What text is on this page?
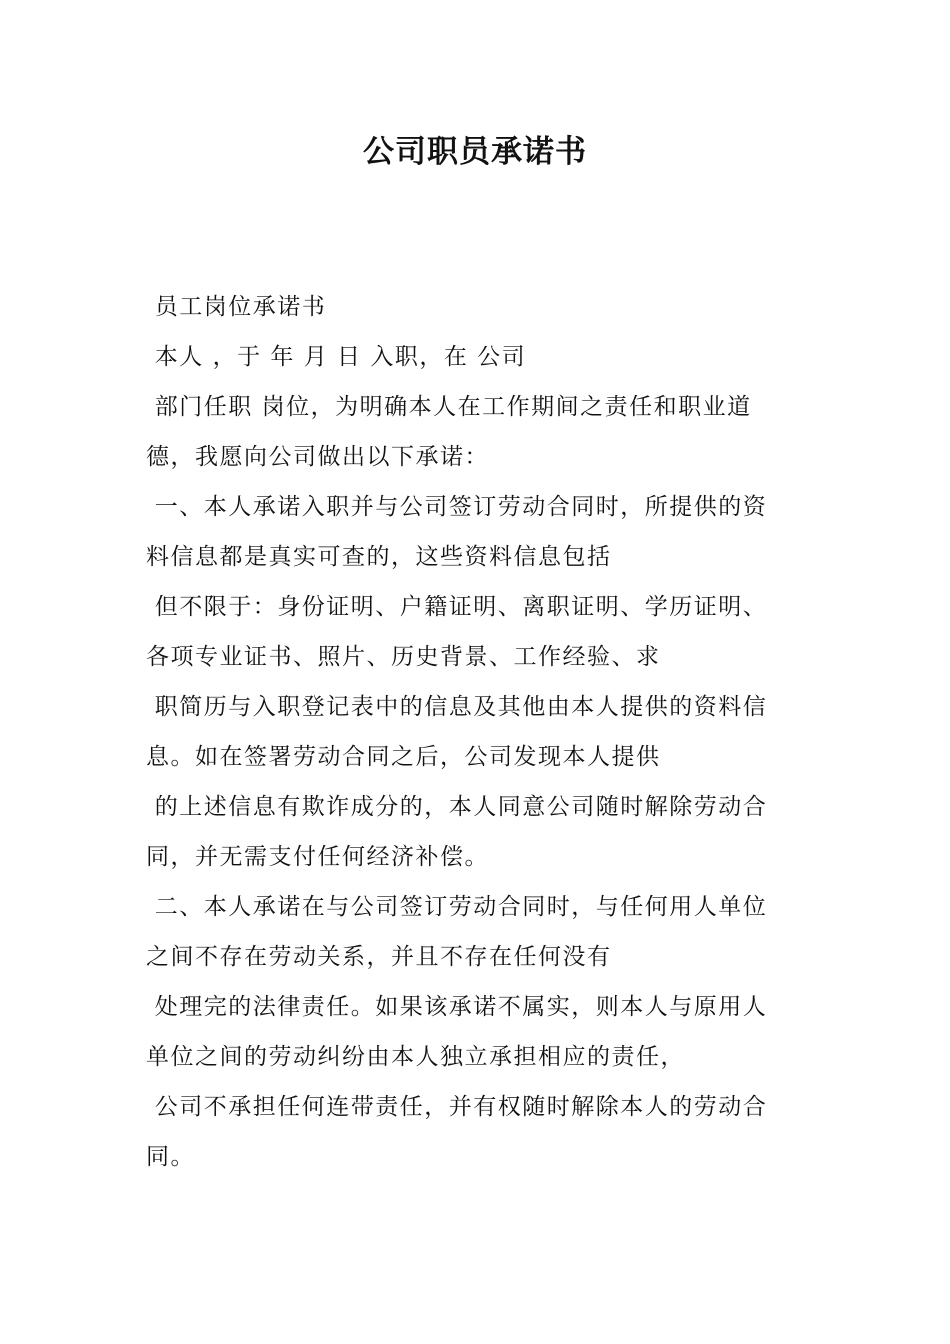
公司职员承诺书
员工岗位承诺书
本人 ，于 年 月 日 入职，在 公司
部门任职 岗位，为明确本人在工作期间之责任和职业道
德，我愿向公司做出以下承诺：
一、本人承诺入职并与公司签订劳动合同时，所提供的资
料信息都是真实可查的，这些资料信息包括
但不限于：身份证明、户籍证明、离职证明、学历证明、
各项专业证书、照片、历史背景、工作经验、求
职简历与入职登记表中的信息及其他由本人提供的资料信
息。如在签署劳动合同之后，公司发现本人提供
的上述信息有欺诈成分的，本人同意公司随时解除劳动合
同，并无需支付任何经济补偿。
二、本人承诺在与公司签订劳动合同时，与任何用人单位
之间不存在劳动关系，并且不存在任何没有
处理完的法律责任。如果该承诺不属实，则本人与原用人
单位之间的劳动纠纷由本人独立承担相应的责任，
公司不承担任何连带责任，并有权随时解除本人的劳动合
同。
